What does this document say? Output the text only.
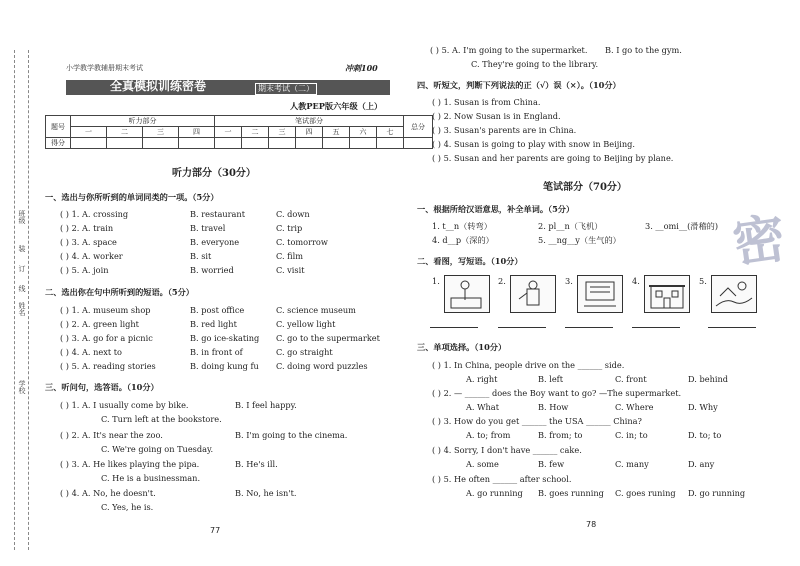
班级
姓名
学校
装
订
线
小学教学教辅册期末考试	冲刺100
全真模拟训练密卷	期末考试（二）
人教PEP版六年级（上）
题号	听力部分				笔试部分							总分
	一	二	三	四	一	二	三	四	五	六	七	
得分												
听力部分（30分）
一、选出与你所听到的单词同类的一项。（5分）
( ) 1. A. crossing	B. restaurant	C. down
( ) 2. A. train	B. travel	C. trip
( ) 3. A. space	B. everyone	C. tomorrow
( ) 4. A. worker	B. sit	C. film
( ) 5. A. join	B. worried	C. visit
二、选出你在句中所听到的短语。（5分）
( ) 1. A. museum shop	B. post office	C. science museum
( ) 2. A. green light	B. red light	C. yellow light
( ) 3. A. go for a picnic	B. go ice-skating C. go to the supermarket
( ) 4. A. next to	B. in front of	C. go straight
( ) 5. A. reading stories	B. doing kung fu C. doing word puzzles
三、听问句，选答语。（10分）
( ) 1. A. I usually come by bike.	B. I feel happy.
C. Turn left at the bookstore.
( ) 2. A. It's near the zoo.	B. I'm going to the cinema.
C. We're going on Tuesday.
( ) 3. A. He likes playing the pipa.	B. He's ill.
C. He is a businessman.
( ) 4. A. No, he doesn't.	B. No, he isn't.
C. Yes, he is.
77
( ) 5. A. I'm going to the supermarket. B. I go to the gym.
C. They're going to the library.
四、听短文，判断下列说法的正（√）误（×）。（10分）
( ) 1. Susan is from China.
( ) 2. Now Susan is in England.
( ) 3. Susan's parents are in China.
( ) 4. Susan is going to play with snow in Beijing.
( ) 5. Susan and her parents are going to Beijing by plane.
笔试部分（70分）
一、根据所给汉语意思，补全单词。（5分）
1. t__n（转弯）	2. pl__n（飞机）	3. __omi__(滑稽的)
4. d__p（深的）	5. __ng__y（生气的）
二、看图，写短语。（10分）
1.	2.	3.	4.	5.
三、单项选择。（10分）
( ) 1. In China, people drive on the ______ side.
A. right	B. left	C. front	D. behind
( ) 2. — ______ does the Boy want to go? —The supermarket.
A. What	B. How	C. Where	D. Why
( ) 3. How do you get ______ the USA ______ China?
A. to; from	B. from; to	C. in; to	D. to; to
( ) 4. Sorry, I don't have ______ cake.
A. some	B. few	C. many	D. any
( ) 5. He often ______ after school.
A. go running B. goes running C. goes runing D. go running
78
密
